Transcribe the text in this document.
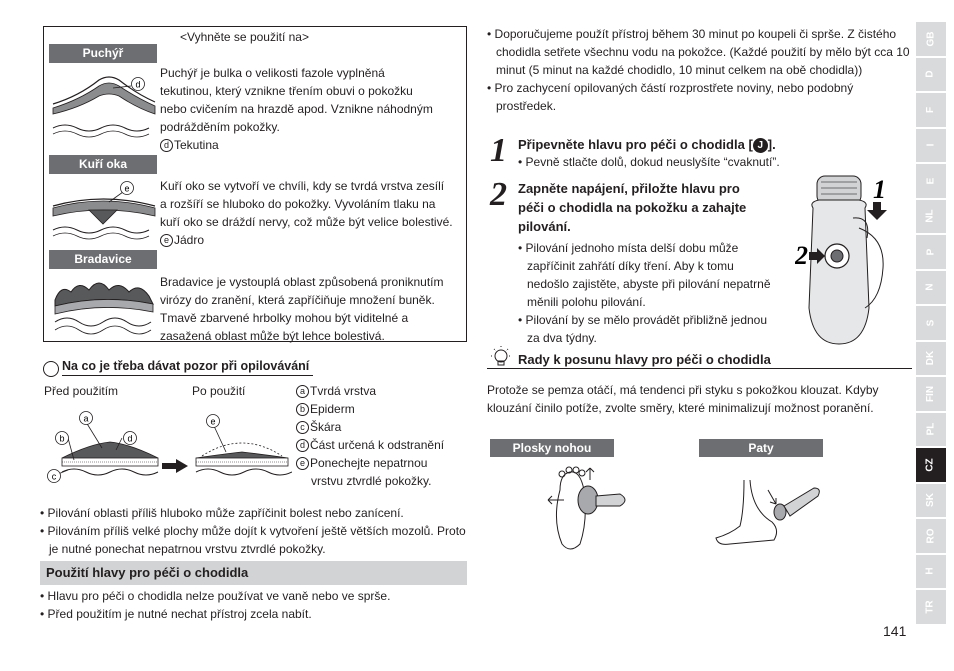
<Vyhněte se použití na>
Puchýř
d
Puchýř je bulka o velikosti fazole vyplněná
tekutinou, který vznikne třením obuvi o pokožku
nebo cvičením na hrazdě apod. Vznikne náhodným
podrážděním pokožky.
d Tekutina
Kuří oka
e	Kuří oko se vytvoří ve chvíli, kdy se tvrdá vrstva zesílí
a rozšíří se hluboko do pokožky. Vyvoláním tlaku na
kuří oko se dráždí nervy, což může být velice bolestivé.
e Jádro
Bradavice
Bradavice je vystouplá oblast způsobená proniknutím
virózy do zranění, která zapříčiňuje množení buněk.
Tmavě zbarvené hrbolky mohou být viditelné a
zasažená oblast může být lehce bolestivá.
Na co je třeba dávat pozor při opilovávání
Před použitím	Po použití
a
b	d
c
e
a Tvrdá vrstva
b Epiderm
c Škára
d Část určená k odstranění
e Ponechejte nepatrnou
vrstvu ztvrdlé pokožky.
• Pilování oblasti příliš hluboko může zapříčinit bolest nebo zanícení.
• Pilováním příliš velké plochy může dojít k vytvoření ještě větších mozolů. Proto je nutné ponechat nepatrnou vrstvu ztvrdlé pokožky.
Použití hlavy pro péči o chodidla
• Hlavu pro péči o chodidla nelze používat ve vaně nebo ve sprše.
• Před použitím je nutné nechat přístroj zcela nabít.
• Doporučujeme použít přístroj během 30 minut po koupeli či sprše. Z čistého chodidla setřete všechnu vodu na pokožce. (Každé použití by mělo být cca 10 minut (5 minut na každé chodidlo, 10 minut celkem na obě chodidla))
• Pro zachycení opilovaných částí rozprostřete noviny, nebo podobný prostředek.
1 Připevněte hlavu pro péči o chodidla [ J ].
• Pevně stlačte dolů, dokud neuslyšíte “cvaknutí”.
2 Zapněte napájení, přiložte hlavu pro péči o chodidla na pokožku a zahajte pilování.
• Pilování jednoho místa delší dobu může zapříčinit zahřátí díky tření. Aby k tomu nedošlo zajistěte, abyste při pilování nepatrně měnili polohu pilování.
• Pilování by se mělo provádět přibližně jednou za dva týdny.
1
2
Rady k posunu hlavy pro péči o chodidla
Protože se pemza otáčí, má tendenci při styku s pokožkou klouzat. Kdyby klouzání činilo potíže, zvolte směry, které minimalizují možnost poranění.
Plosky nohou	Paty
GB
D
F
I
E
NL
P
N
S
DK
FIN
PL
CZ
SK
RO
H
TR
141
